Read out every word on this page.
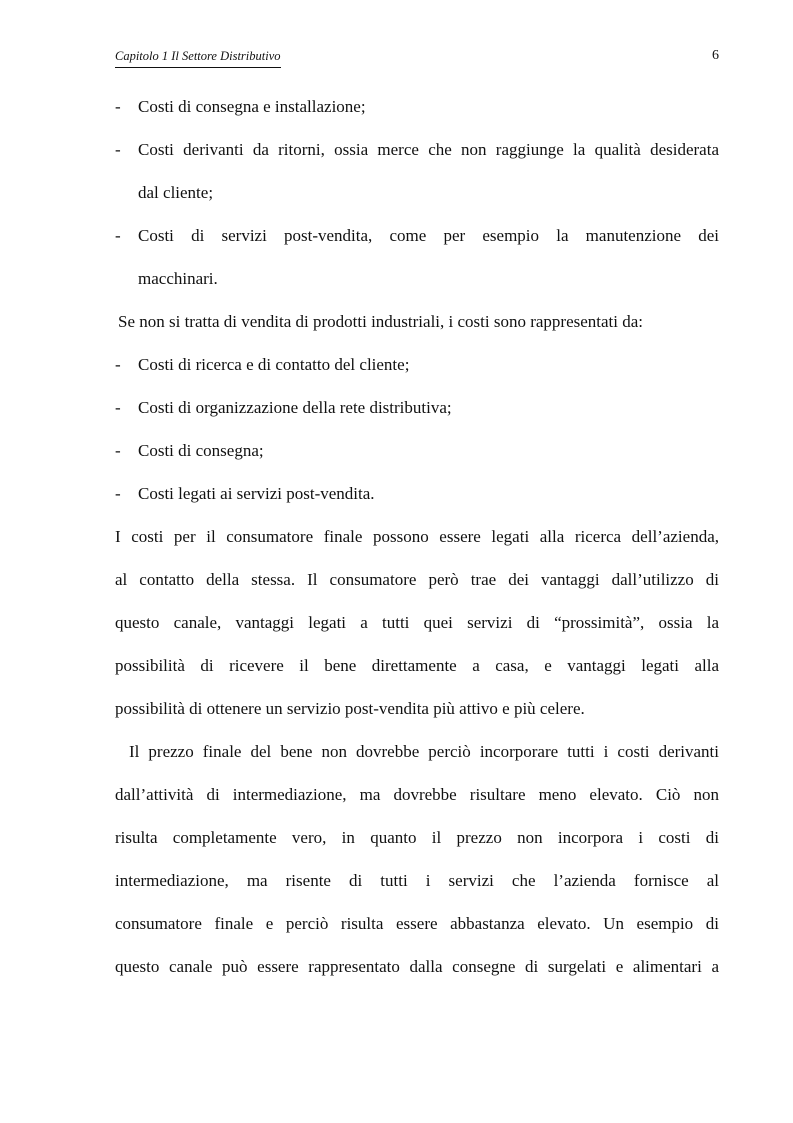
Capitolo 1 Il Settore Distributivo	6
- Costi di consegna e installazione;
- Costi derivanti da ritorni, ossia merce che non raggiunge la qualità desiderata
dal cliente;
- Costi di servizi post-vendita, come per esempio la manutenzione dei
macchinari.
Se non si tratta di vendita di prodotti industriali, i costi sono rappresentati da:
- Costi di ricerca e di contatto del cliente;
- Costi di organizzazione della rete distributiva;
- Costi di consegna;
- Costi legati ai servizi post-vendita.
I costi per il consumatore finale possono essere legati alla ricerca dell’azienda,
al contatto della stessa. Il consumatore però trae dei vantaggi dall’utilizzo di
questo canale, vantaggi legati a tutti quei servizi di “prossimità”, ossia la
possibilità di ricevere il bene direttamente a casa, e vantaggi legati alla
possibilità di ottenere un servizio post-vendita più attivo e più celere.
Il prezzo finale del bene non dovrebbe perciò incorporare tutti i costi derivanti
dall’attività di intermediazione, ma dovrebbe risultare meno elevato. Ciò non
risulta completamente vero, in quanto il prezzo non incorpora i costi di
intermediazione, ma risente di tutti i servizi che l’azienda fornisce al
consumatore finale e perciò risulta essere abbastanza elevato. Un esempio di
questo canale può essere rappresentato dalla consegne di surgelati e alimentari a
